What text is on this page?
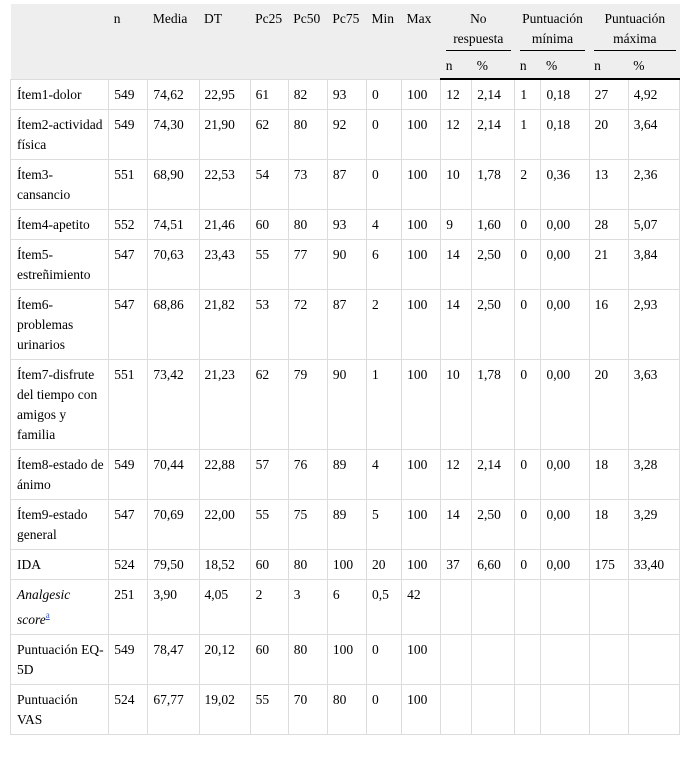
	n	Media	DT	Pc25	Pc50	Pc75	Min	Max	No respuesta		Puntuación mínima		Puntuación máxima	

									n	%	n	%	n	%
Ítem1-dolor	549	74,62	22,95	61	82	93	0	100	12	2,14	1	0,18	27	4,92
Ítem2-actividad física	549	74,30	21,90	62	80	92	0	100	12	2,14	1	0,18	20	3,64
Ítem3-cansancio	551	68,90	22,53	54	73	87	0	100	10	1,78	2	0,36	13	2,36
Ítem4-apetito	552	74,51	21,46	60	80	93	4	100	9	1,60	0	0,00	28	5,07
Ítem5-estreñimiento	547	70,63	23,43	55	77	90	6	100	14	2,50	0	0,00	21	3,84
Ítem6-problemas urinarios	547	68,86	21,82	53	72	87	2	100	14	2,50	0	0,00	16	2,93
Ítem7-disfrute del tiempo con amigos y familia	551	73,42	21,23	62	79	90	1	100	10	1,78	0	0,00	20	3,63
Ítem8-estado de ánimo	549	70,44	22,88	57	76	89	4	100	12	2,14	0	0,00	18	3,28
Ítem9-estado general	547	70,69	22,00	55	75	89	5	100	14	2,50	0	0,00	18	3,29
IDA	524	79,50	18,52	60	80	100	20	100	37	6,60	0	0,00	175	33,40
Analgesic score$^a$	251	3,90	4,05	2	3	6	0,5	42						
Puntuación EQ-5D	549	78,47	20,12	60	80	100	0	100						
Puntuación VAS	524	67,77	19,02	55	70	80	0	100						
